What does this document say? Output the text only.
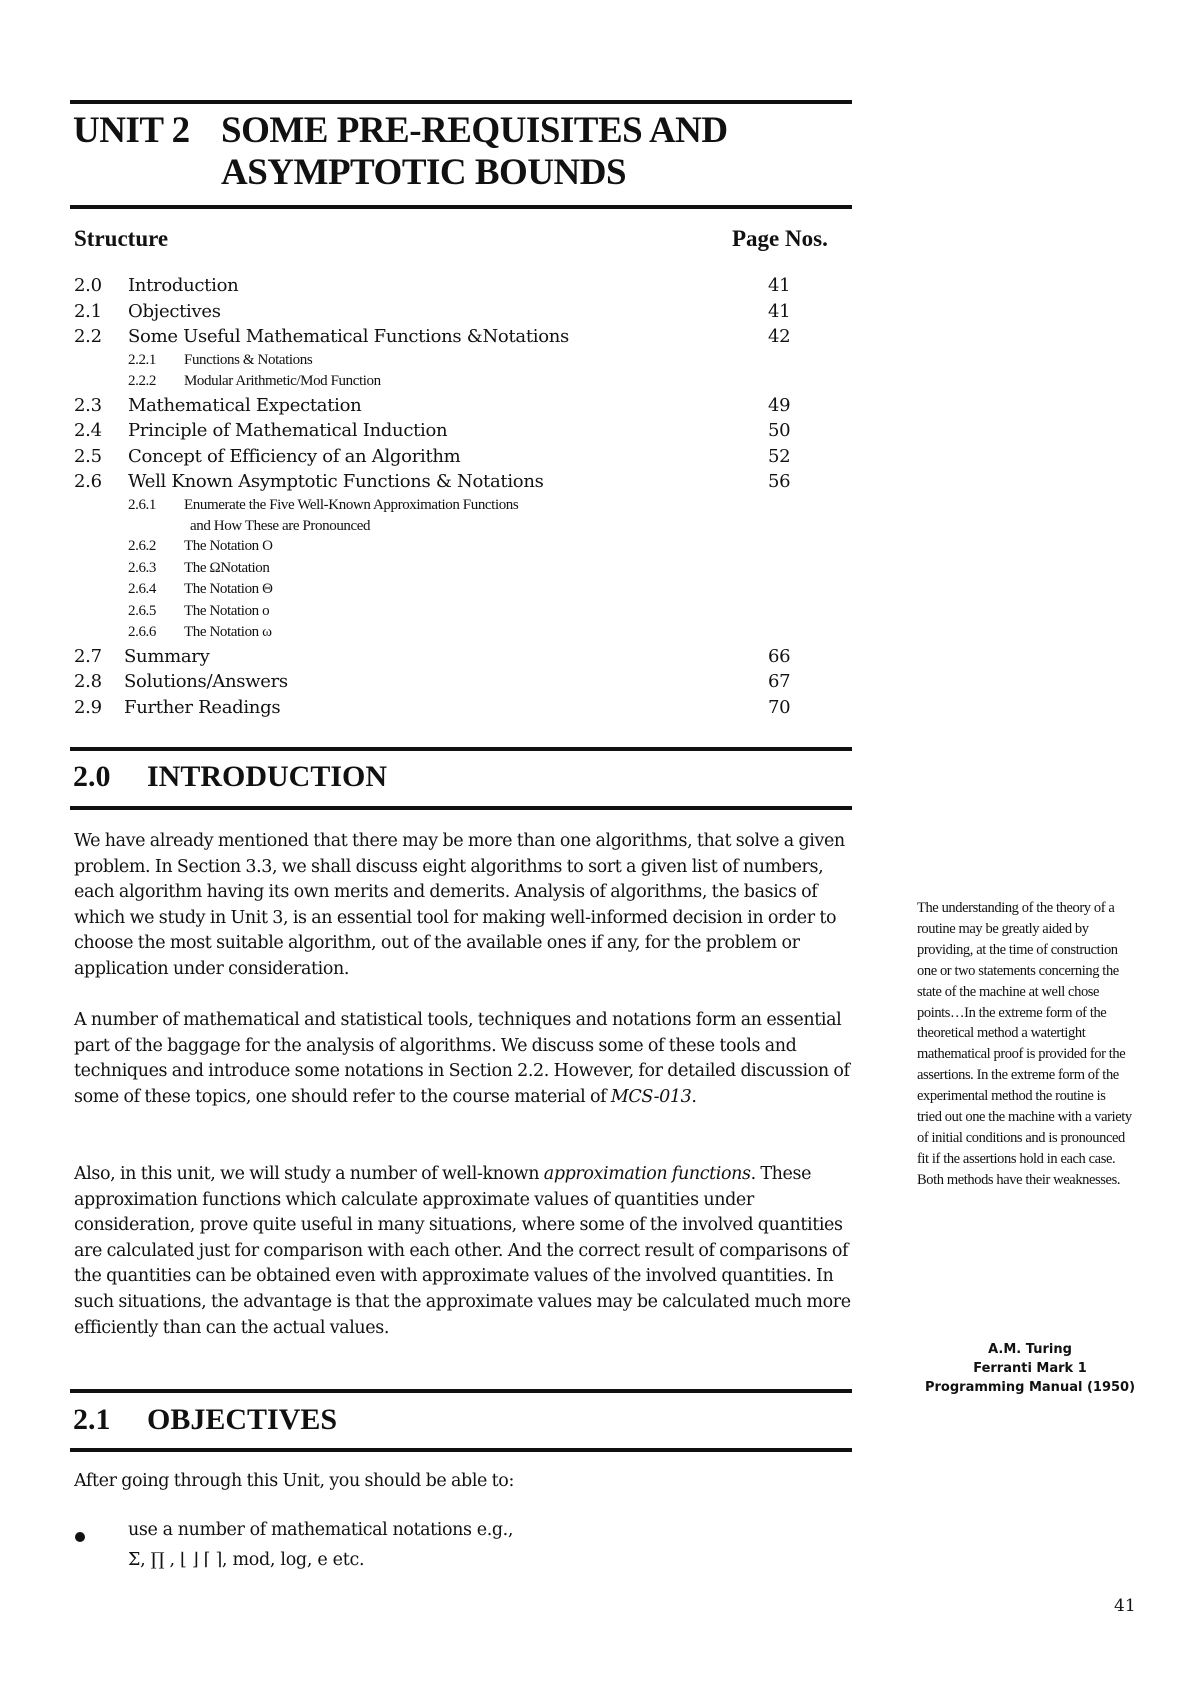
UNIT 2 SOME PRE-REQUISITES AND
ASYMPTOTIC BOUNDS
Structure	Page Nos.
2.0 Introduction	41
2.1 Objectives	41
2.2 Some Useful Mathematical Functions &Notations	42
2.2.1 Functions & Notations
2.2.2 Modular Arithmetic/Mod Function
2.3 Mathematical Expectation	49
2.4 Principle of Mathematical Induction	50
2.5 Concept of Efficiency of an Algorithm	52
2.6 Well Known Asymptotic Functions & Notations	56
2.6.1 Enumerate the Five Well-Known Approximation Functions
and How These are Pronounced
2.6.2 The Notation O
2.6.3 The ΩNotation
2.6.4 The Notation Θ
2.6.5 The Notation o
2.6.6 The Notation ω
2.7 Summary	66
2.8 Solutions/Answers	67
2.9 Further Readings	70
2.0 INTRODUCTION

We have already mentioned that there may be more than one algorithms, that solve a given problem. In Section 3.3, we shall discuss eight algorithms to sort a given list of numbers, each algorithm having its own merits and demerits. Analysis of algorithms, the basics of which we study in Unit 3, is an essential tool for making well-informed decision in order to choose the most suitable algorithm, out of the available ones if any, for the problem or application under consideration.

A number of mathematical and statistical tools, techniques and notations form an essential part of the baggage for the analysis of algorithms. We discuss some of these tools and techniques and introduce some notations in Section 2.2. However, for detailed discussion of some of these topics, one should refer to the course material of MCS-013.

Also, in this unit, we will study a number of well-known approximation functions. These approximation functions which calculate approximate values of quantities under consideration, prove quite useful in many situations, where some of the involved quantities are calculated just for comparison with each other. And the correct result of comparisons of the quantities can be obtained even with approximate values of the involved quantities. In such situations, the advantage is that the approximate values may be calculated much more efficiently than can the actual values.

The understanding of the theory of a routine may be greatly aided by providing, at the time of construction one or two statements concerning the state of the machine at well chose points…In the extreme form of the theoretical method a watertight mathematical proof is provided for the assertions. In the extreme form of the experimental method the routine is tried out one the machine with a variety of initial conditions and is pronounced fit if the assertions hold in each case. Both methods have their weaknesses.

A.M. Turing
Ferranti Mark 1
Programming Manual (1950)
2.1 OBJECTIVES

After going through this Unit, you should be able to:

use a number of mathematical notations e.g.,

Σ, ∏ , ⌊ ⌋ ⌈ ⌉, mod, log, e etc.

41
